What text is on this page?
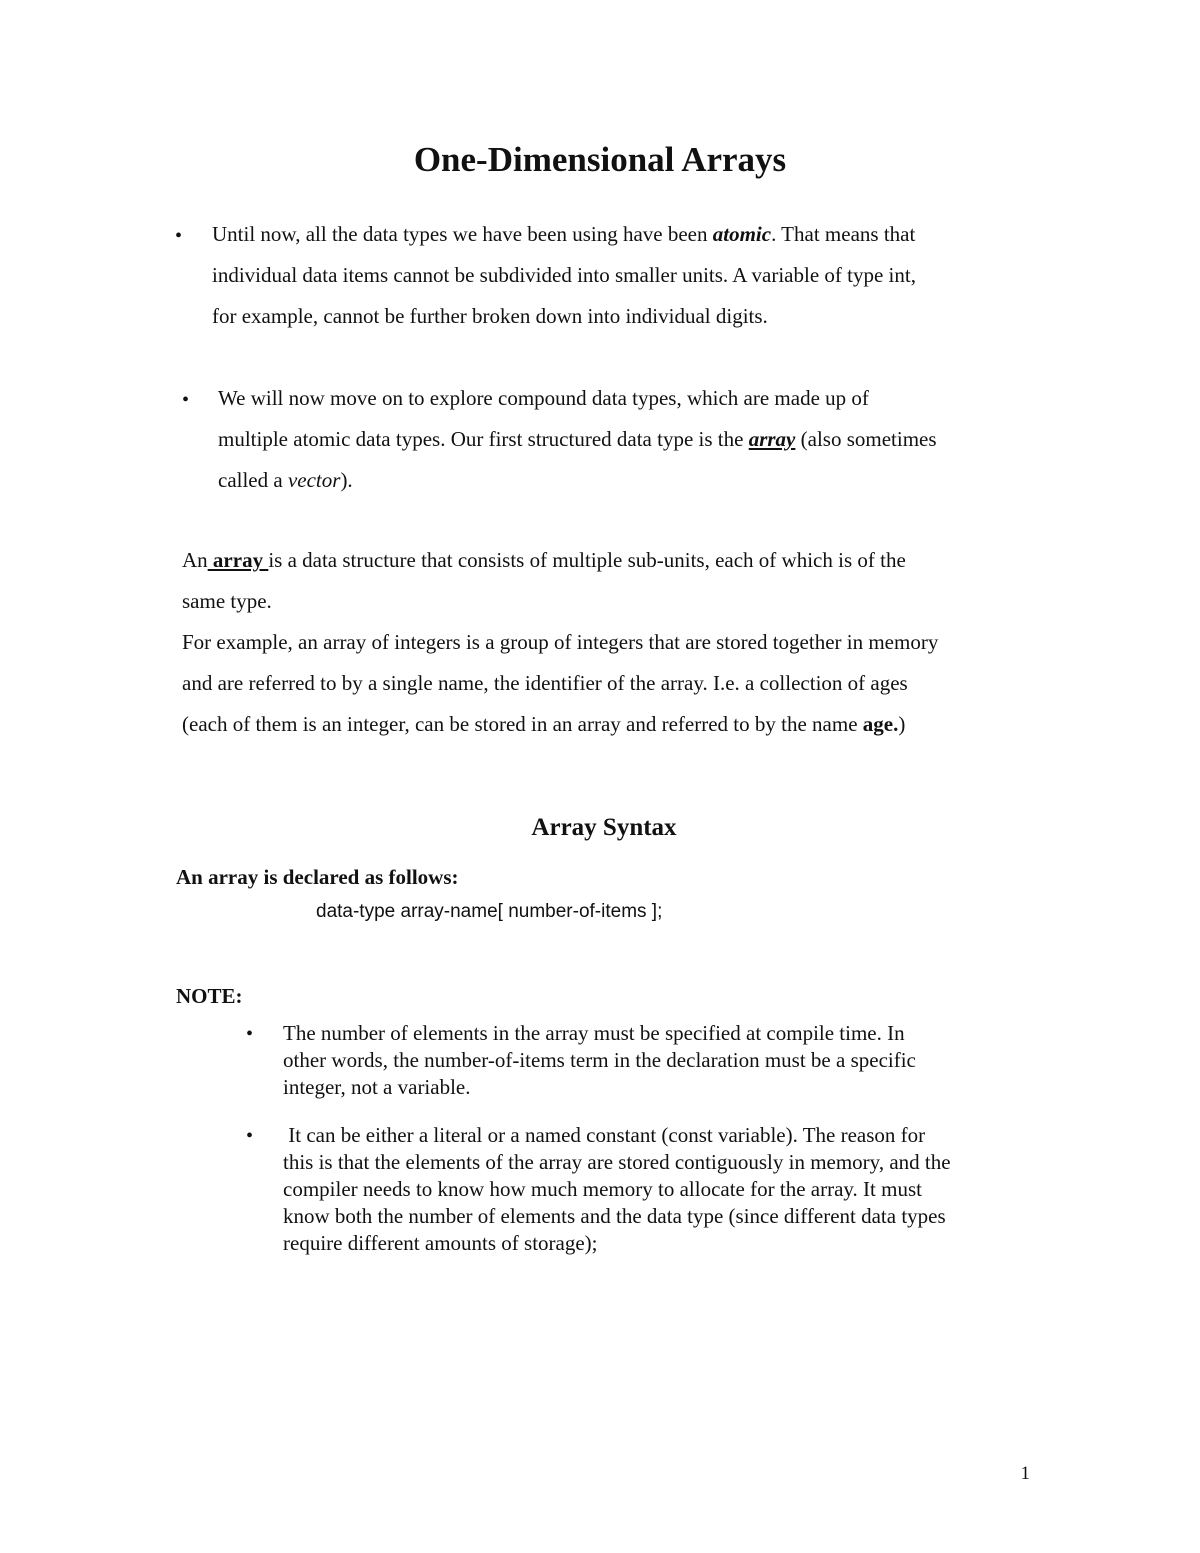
One-Dimensional Arrays
• Until now, all the data types we have been using have been atomic. That means that
individual data items cannot be subdivided into smaller units. A variable of type int,
for example, cannot be further broken down into individual digits.
• We will now move on to explore compound data types, which are made up of
multiple atomic data types. Our first structured data type is the array (also sometimes
called a vector).
An array is a data structure that consists of multiple sub-units, each of which is of the
same type.
For example, an array of integers is a group of integers that are stored together in memory
and are referred to by a single name, the identifier of the array. I.e. a collection of ages
(each of them is an integer, can be stored in an array and referred to by the name age.)
Array Syntax
An array is declared as follows:
data-type array-name[ number-of-items ];
NOTE:
• The number of elements in the array must be specified at compile time. In
other words, the number-of-items term in the declaration must be a specific
integer, not a variable.
• It can be either a literal or a named constant (const variable). The reason for
this is that the elements of the array are stored contiguously in memory, and the
compiler needs to know how much memory to allocate for the array. It must
know both the number of elements and the data type (since different data types
require different amounts of storage);
1
